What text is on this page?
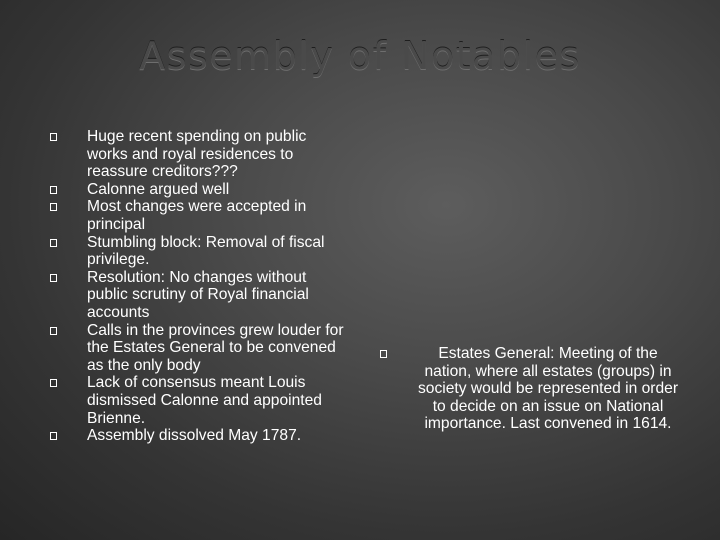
Assembly of Notables
Huge recent spending on public works and royal residences to reassure creditors???
Calonne argued well
Most changes were accepted in principal
Stumbling block: Removal of fiscal privilege.
Resolution: No changes without public scrutiny of Royal financial accounts
Calls in the provinces grew louder for the Estates General to be convened as the only body
Lack of consensus meant Louis dismissed Calonne and appointed Brienne.
Assembly dissolved May 1787.
Estates General: Meeting of the nation, where all estates (groups) in society would be represented in order to decide on an issue on National importance. Last convened in 1614.
